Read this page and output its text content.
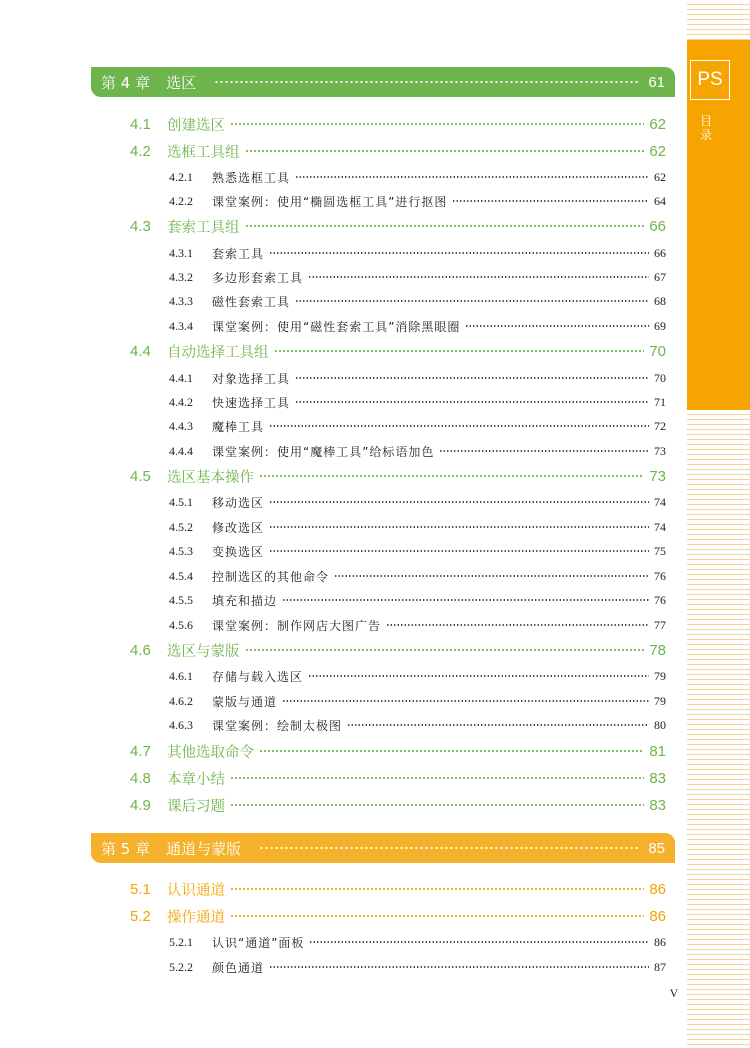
PS
目录
第 4 章 选区	61
4.1	创建选区	62
4.2	选框工具组	62
4.2.1	熟悉选框工具	62
4.2.2	课堂案例：使用“椭圆选框工具”进行抠图	64
4.3	套索工具组	66
4.3.1	套索工具	66
4.3.2	多边形套索工具	67
4.3.3	磁性套索工具	68
4.3.4	课堂案例：使用“磁性套索工具”消除黑眼圈	69
4.4	自动选择工具组	70
4.4.1	对象选择工具	70
4.4.2	快速选择工具	71
4.4.3	魔棒工具	72
4.4.4	课堂案例：使用“魔棒工具”给标语加色	73
4.5	选区基本操作	73
4.5.1	移动选区	74
4.5.2	修改选区	74
4.5.3	变换选区	75
4.5.4	控制选区的其他命令	76
4.5.5	填充和描边	76
4.5.6	课堂案例：制作网店大图广告	77
4.6	选区与蒙版	78
4.6.1	存储与载入选区	79
4.6.2	蒙版与通道	79
4.6.3	课堂案例：绘制太极图	80
4.7	其他选取命令	81
4.8	本章小结	83
4.9	课后习题	83
第 5 章 通道与蒙版	85
5.1	认识通道	86
5.2	操作通道	86
5.2.1	认识“通道”面板	86
5.2.2	颜色通道	87
V
